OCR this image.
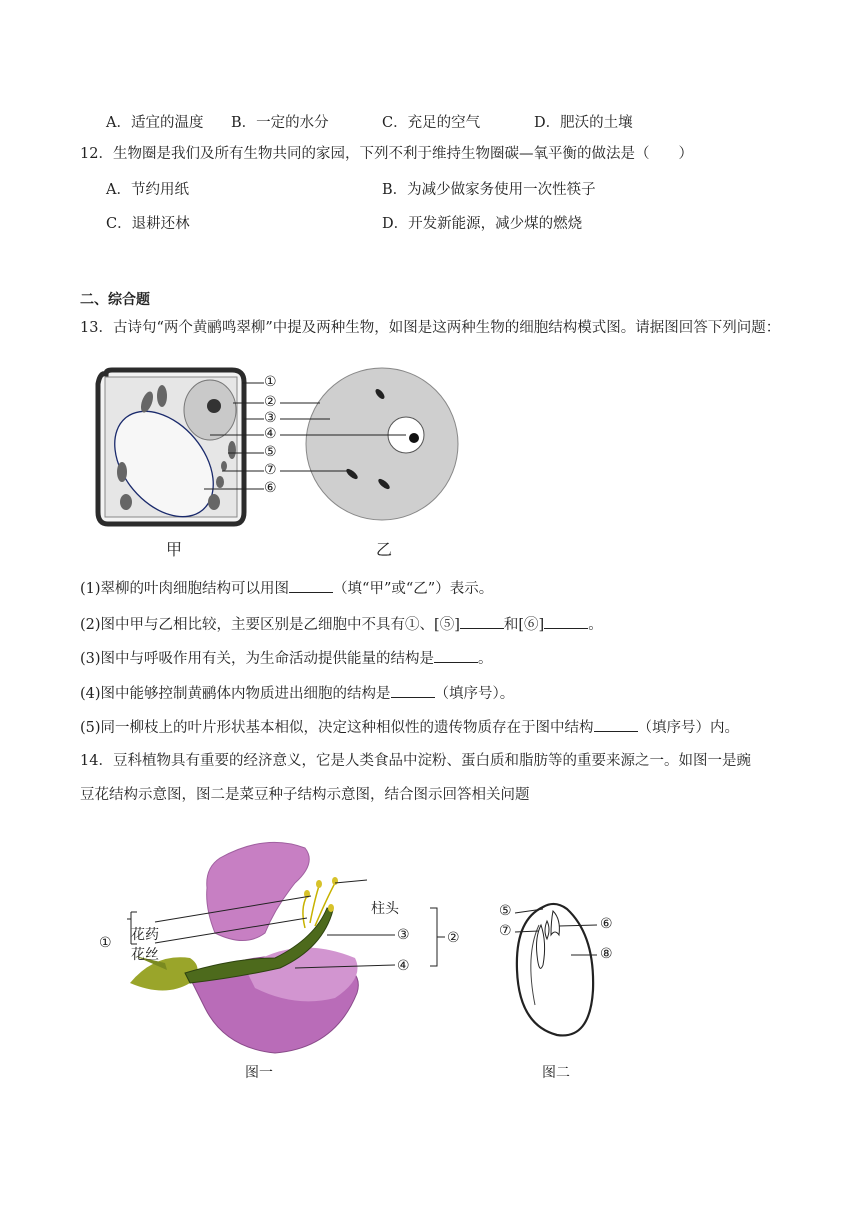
A．适宜的温度 B．一定的水分	C．充足的空气	D．肥沃的土壤
12．生物圈是我们及所有生物共同的家园，下列不利于维持生物圈碳—氧平衡的做法是（　　）
A．节约用纸	B．为减少做家务使用一次性筷子
C．退耕还林	D．开发新能源，减少煤的燃烧
二、综合题
13．古诗句“两个黄鹂鸣翠柳”中提及两种生物，如图是这两种生物的细胞结构模式图。请据图回答下列问题：
①
②
③
④
⑤
⑦
⑥
甲	乙
(1)翠柳的叶肉细胞结构可以用图	（填“甲”或“乙”）表示。
(2)图中甲与乙相比较，主要区别是乙细胞中不具有①、[⑤]	和[⑥]	。
(3)图中与呼吸作用有关，为生命活动提供能量的结构是	。
(4)图中能够控制黄鹂体内物质进出细胞的结构是	（填序号）。
(5)同一柳枝上的叶片形状基本相似，决定这种相似性的遗传物质存在于图中结构	（填序号）内。
14．豆科植物具有重要的经济意义，它是人类食品中淀粉、蛋白质和脂肪等的重要来源之一。如图一是豌
豆花结构示意图，图二是菜豆种子结构示意图，结合图示回答相关问题
① 花药
花丝
柱头
③
④
②
图一
⑤
⑦	⑥
⑧
图二
